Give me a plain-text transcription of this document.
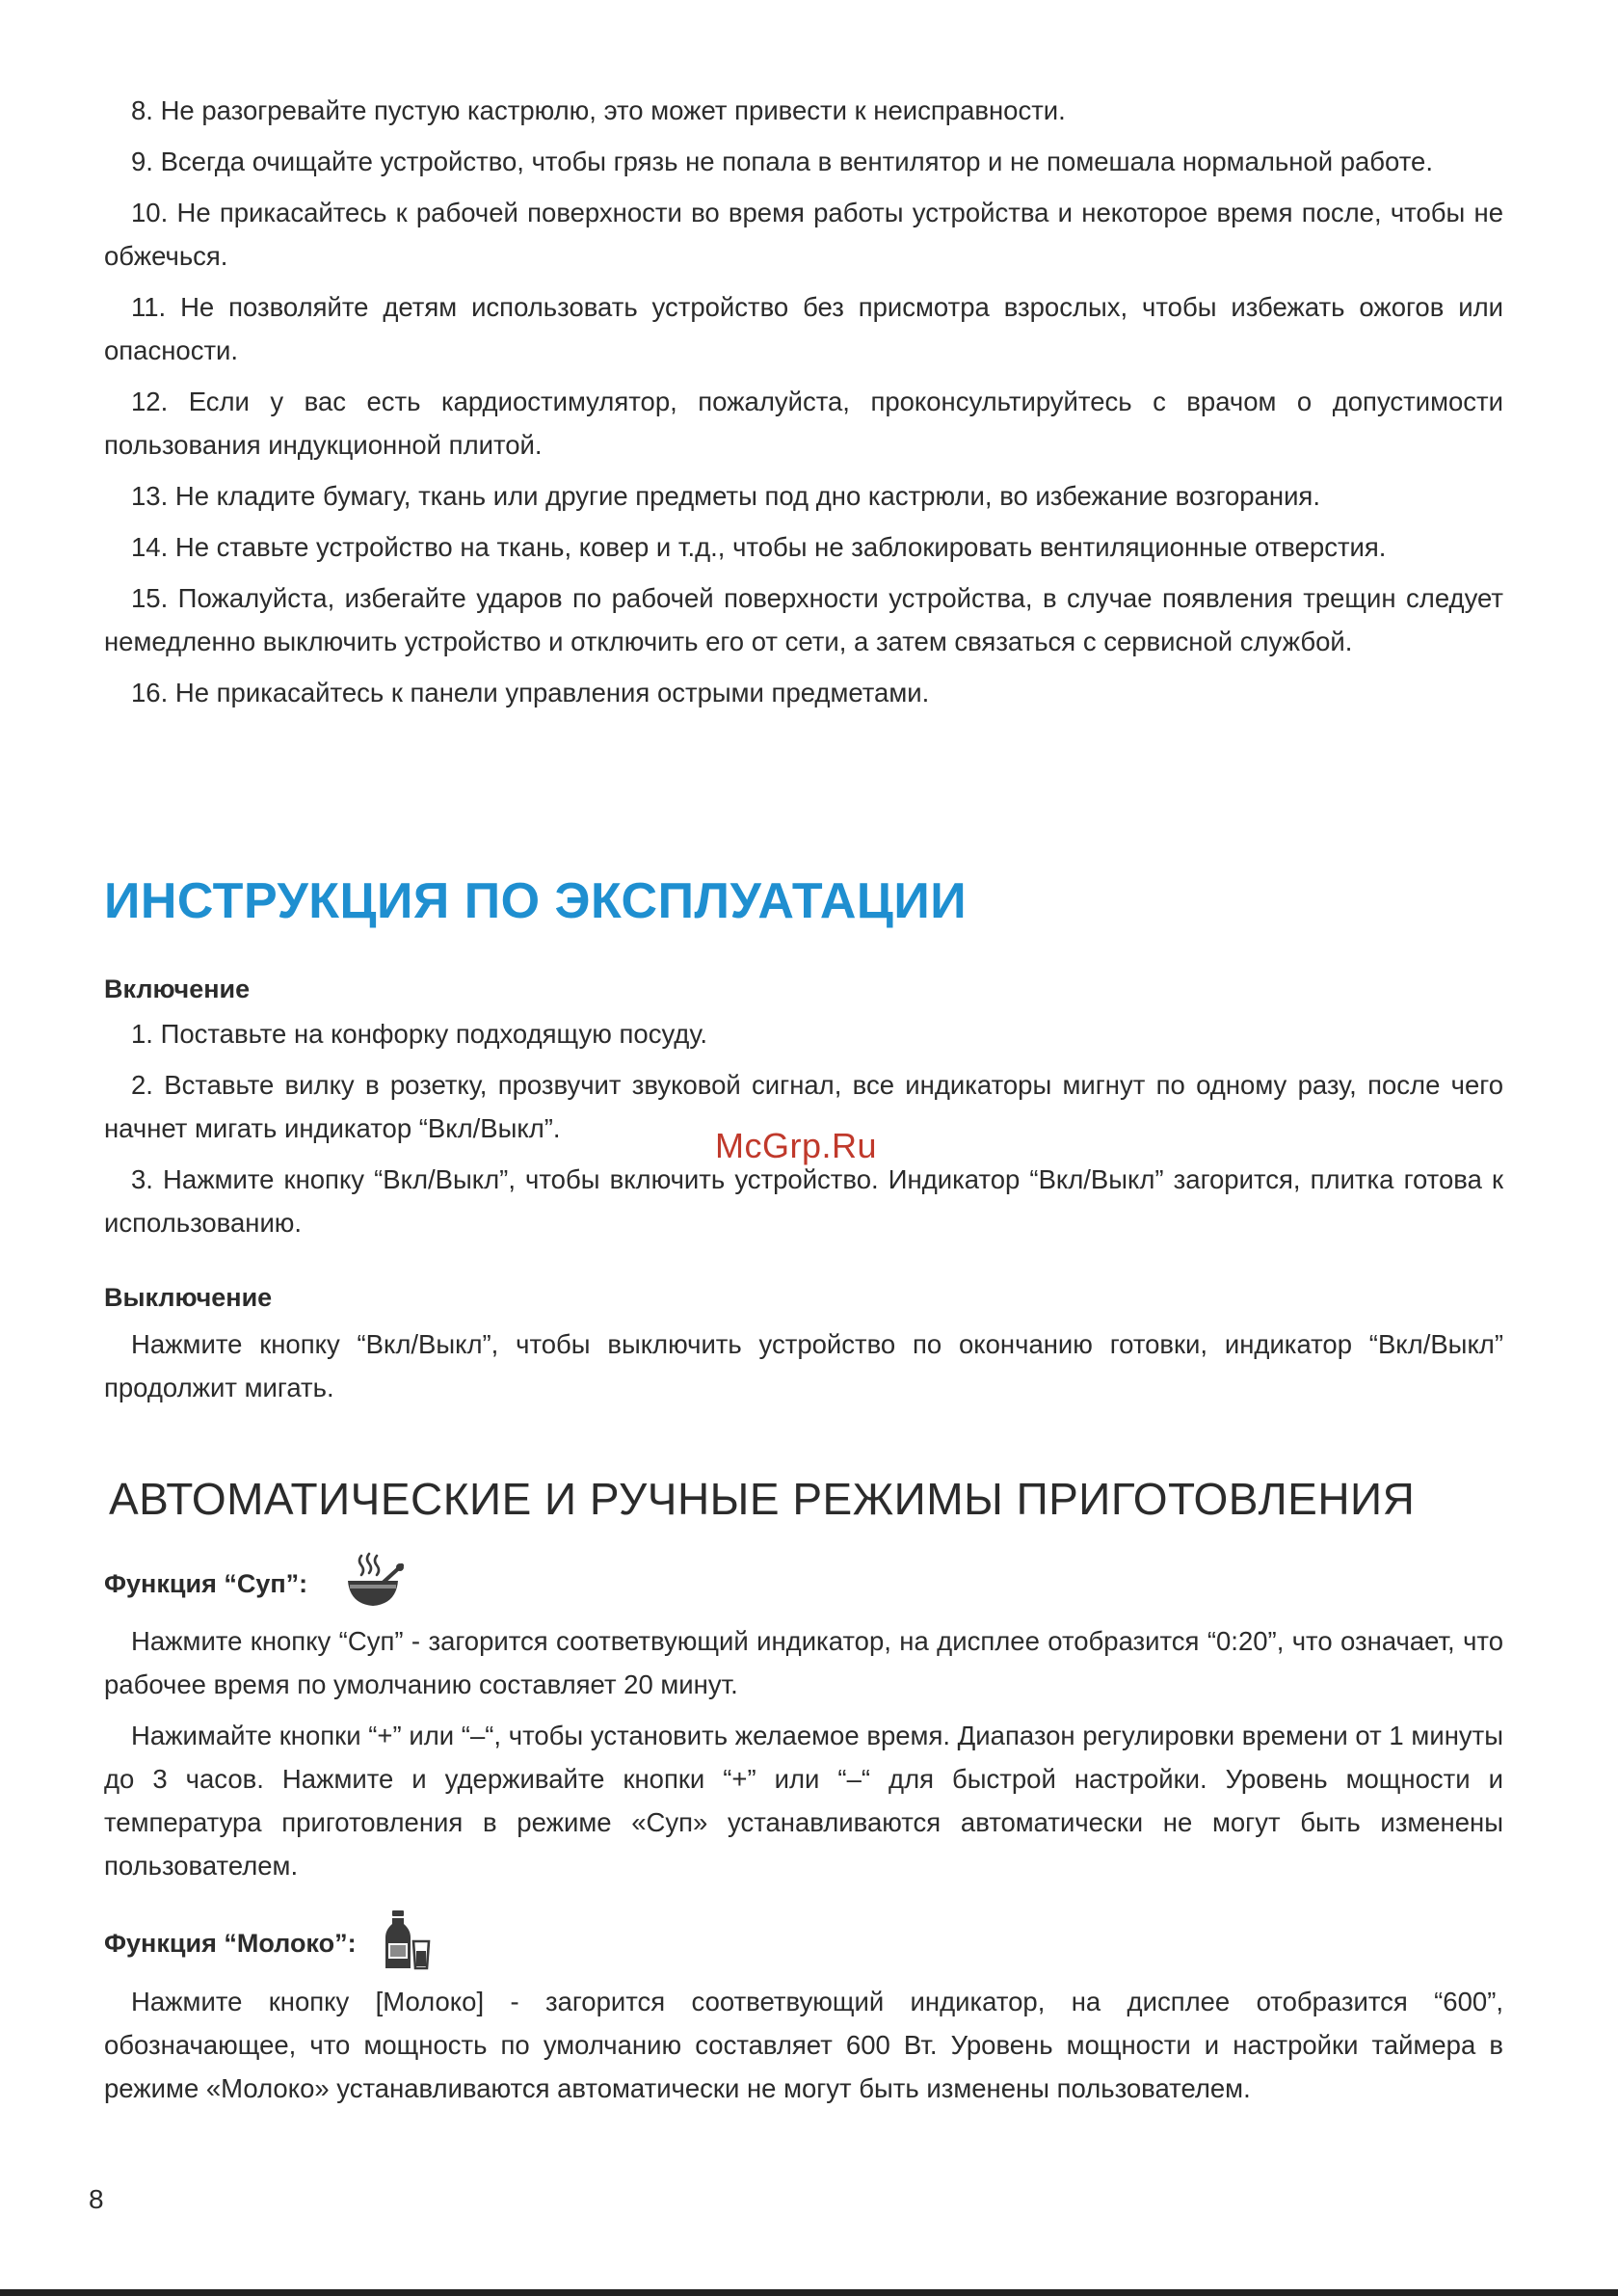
8. Не разогревайте пустую кастрюлю, это может привести к неисправности.

9. Всегда очищайте устройство, чтобы грязь не попала в вентилятор и не помешала нормальной работе.

10. Не прикасайтесь к рабочей поверхности во время работы устройства и некоторое время после, чтобы не обжечься.

11. Не позволяйте детям использовать устройство без присмотра взрослых, чтобы избежать ожогов или опасности.

12. Если у вас есть кардиостимулятор, пожалуйста, проконсультируйтесь с врачом о допустимости пользования индукционной плитой.

13. Не кладите бумагу, ткань или другие предметы под дно кастрюли, во избежание возгорания.

14. Не ставьте устройство на ткань, ковер и т.д., чтобы не заблокировать вентиляционные отверстия.

15. Пожалуйста, избегайте ударов по рабочей поверхности устройства, в случае появления трещин следует немедленно выключить устройство и отключить его от сети, а затем связаться с сервисной службой.

16. Не прикасайтесь к панели управления острыми предметами.

ИНСТРУКЦИЯ ПО ЭКСПЛУАТАЦИИ

Включение

1. Поставьте на конфорку подходящую посуду.

2. Вставьте вилку в розетку, прозвучит звуковой сигнал, все индикаторы мигнут по одному разу, после чего начнет мигать индикатор “Вкл/Выкл”.

3. Нажмите кнопку “Вкл/Выкл”, чтобы включить устройство. Индикатор “Вкл/Выкл” загорится, плитка готова к использованию.

Выключение

Нажмите кнопку “Вкл/Выкл”, чтобы выключить устройство по окончанию готовки, индикатор “Вкл/Выкл” продолжит мигать.

АВТОМАТИЧЕСКИЕ И РУЧНЫЕ РЕЖИМЫ ПРИГОТОВЛЕНИЯ

Функция “Суп”:

Нажмите кнопку “Суп” - загорится соответвующий индикатор, на дисплее отобразится “0:20”, что означает, что рабочее время по умолчанию составляет 20 минут.

Нажимайте кнопки “+” или “–“, чтобы установить желаемое время. Диапазон регулировки времени от 1 минуты до 3 часов. Нажмите и удерживайте кнопки “+” или “–“ для быстрой настройки. Уровень мощности и температура приготовления в режиме «Суп» устанавливаются автоматически не могут быть изменены пользователем.

Функция “Молоко”:

Нажмите кнопку [Молоко] - загорится соответвующий индикатор, на дисплее отобразится “600”, обозначающее, что мощность по умолчанию составляет 600 Вт. Уровень мощности и настройки таймера в режиме «Молоко» устанавливаются автоматически не могут быть изменены пользователем.

8
McGrp.Ru
